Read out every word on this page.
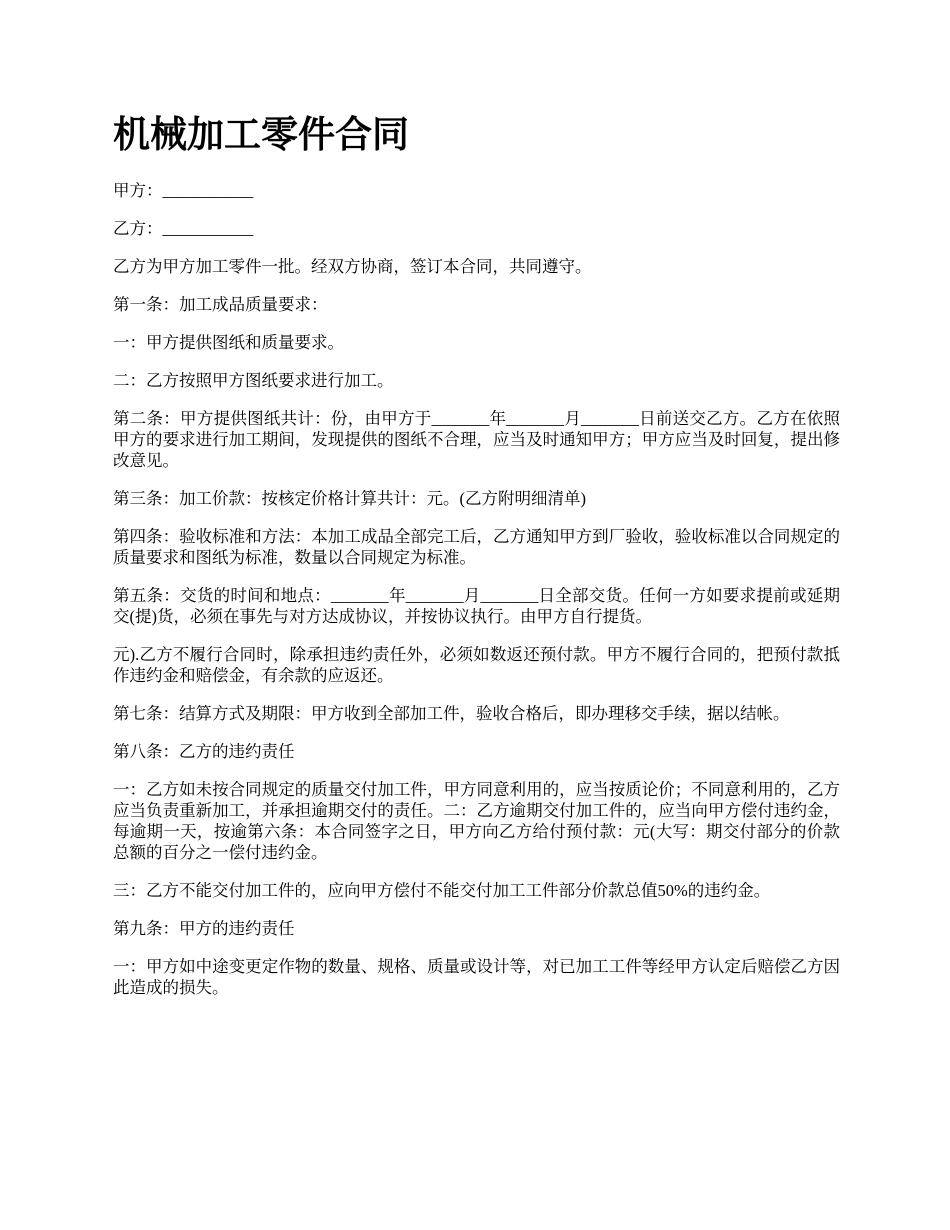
机械加工零件合同

甲方：___________

乙方：___________

乙方为甲方加工零件一批。经双方协商，签订本合同，共同遵守。

第一条：加工成品质量要求：

一：甲方提供图纸和质量要求。

二：乙方按照甲方图纸要求进行加工。

第二条：甲方提供图纸共计：份，由甲方于_______年_______月_______日前送交乙方。乙方在依照甲方的要求进行加工期间，发现提供的图纸不合理，应当及时通知甲方；甲方应当及时回复，提出修改意见。

第三条：加工价款：按核定价格计算共计：元。(乙方附明细清单)

第四条：验收标准和方法：本加工成品全部完工后，乙方通知甲方到厂验收，验收标准以合同规定的质量要求和图纸为标准，数量以合同规定为标准。

第五条：交货的时间和地点：_______年_______月_______日全部交货。任何一方如要求提前或延期交(提)货，必须在事先与对方达成协议，并按协议执行。由甲方自行提货。

元).乙方不履行合同时，除承担违约责任外，必须如数返还预付款。甲方不履行合同的，把预付款抵作违约金和赔偿金，有余款的应返还。

第七条：结算方式及期限：甲方收到全部加工件，验收合格后，即办理移交手续，据以结帐。

第八条：乙方的违约责任

一：乙方如未按合同规定的质量交付加工件，甲方同意利用的，应当按质论价；不同意利用的，乙方应当负责重新加工，并承担逾期交付的责任。二：乙方逾期交付加工件的，应当向甲方偿付违约金，每逾期一天，按逾第六条：本合同签字之日，甲方向乙方给付预付款：元(大写：期交付部分的价款总额的百分之一偿付违约金。

三：乙方不能交付加工件的，应向甲方偿付不能交付加工工件部分价款总值50%的违约金。

第九条：甲方的违约责任

一：甲方如中途变更定作物的数量、规格、质量或设计等，对已加工工件等经甲方认定后赔偿乙方因此造成的损失。
